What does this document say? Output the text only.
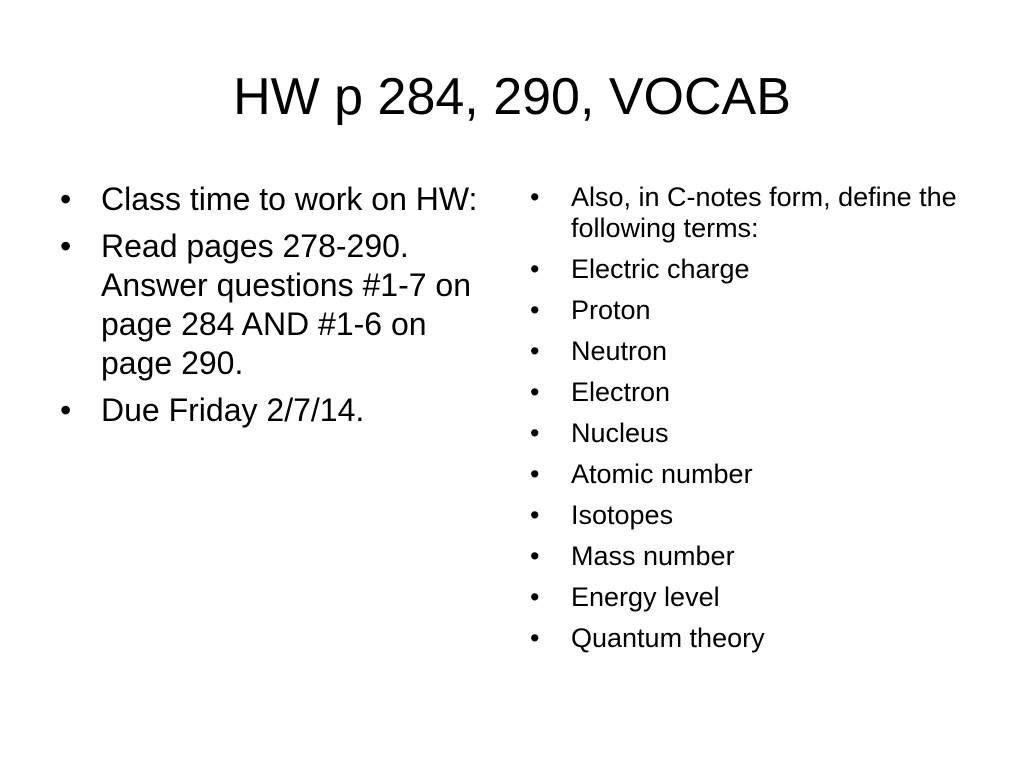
HW p 284, 290, VOCAB
• Class time to work on HW:
• Read pages 278-290. Answer questions #1-7 on page 284 AND #1-6 on page 290.
• Due Friday 2/7/14.
• Also, in C-notes form, define the following terms:
• Electric charge
• Proton
• Neutron
• Electron
• Nucleus
• Atomic number
• Isotopes
• Mass number
• Energy level
• Quantum theory
